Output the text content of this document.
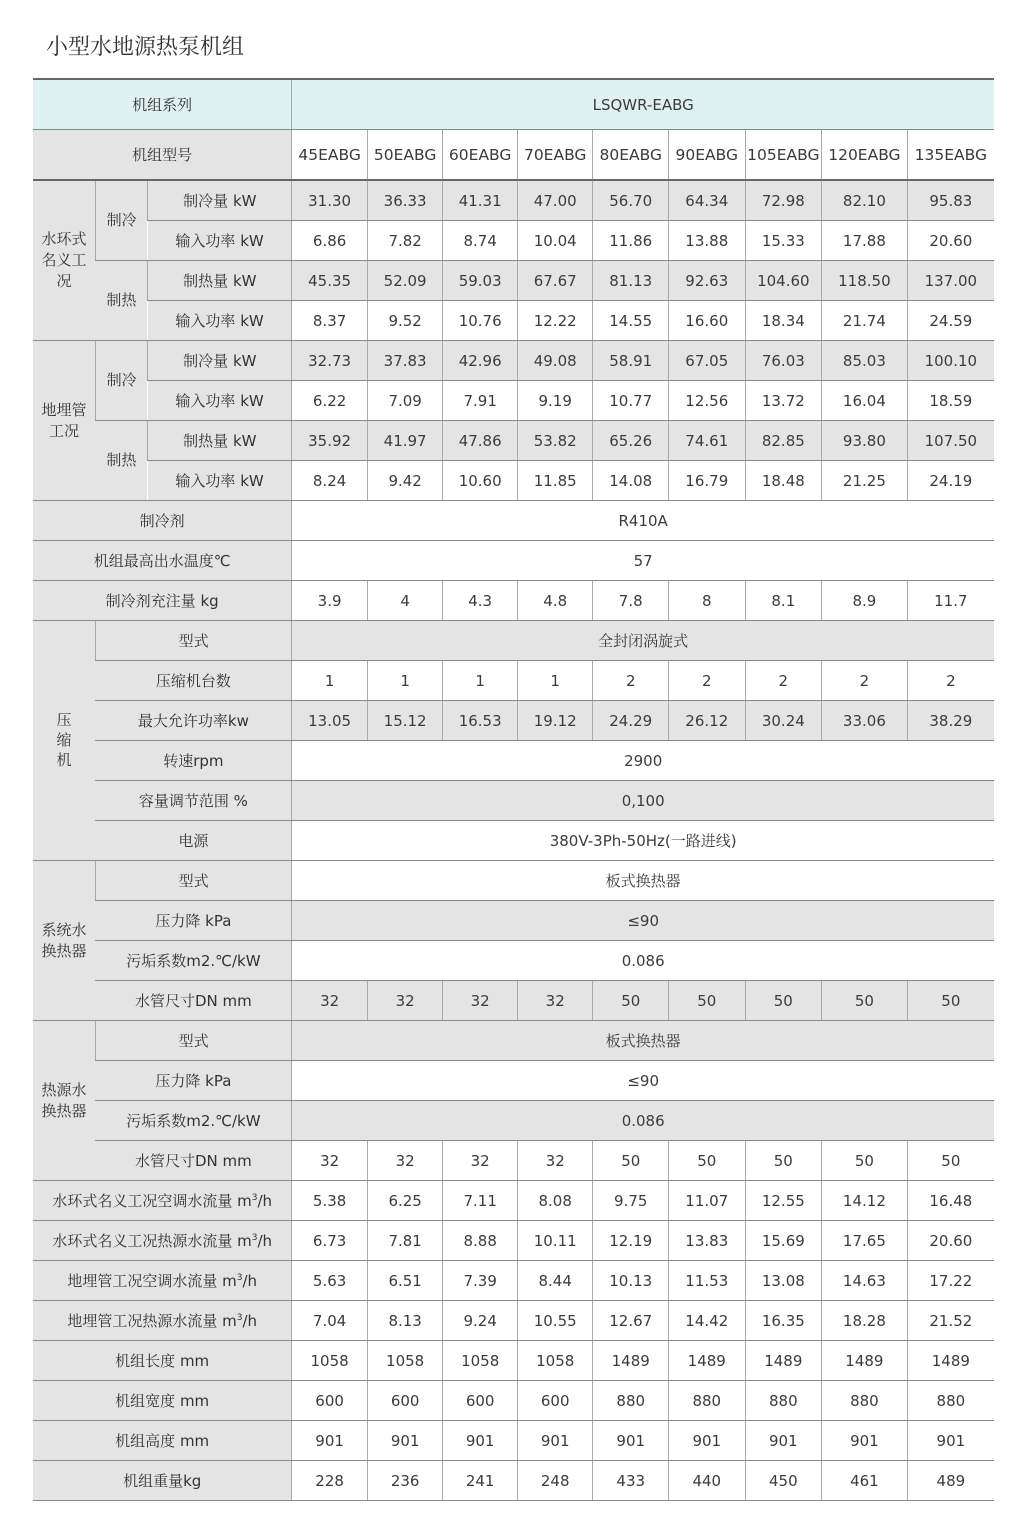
小型水地源热泵机组
机组系列			LSQWR-EABG								
机组型号			45EABG	50EABG	60EABG	70EABG	80EABG	90EABG	105EABG	120EABG	135EABG
水环式名义工况	制冷	制冷量 kW	31.30	36.33	41.31	47.00	56.70	64.34	72.98	82.10	95.83
		输入功率 kW	6.86	7.82	8.74	10.04	11.86	13.88	15.33	17.88	20.60
	制热	制热量 kW	45.35	52.09	59.03	67.67	81.13	92.63	104.60	118.50	137.00
		输入功率 kW	8.37	9.52	10.76	12.22	14.55	16.60	18.34	21.74	24.59
地埋管工况	制冷	制冷量 kW	32.73	37.83	42.96	49.08	58.91	67.05	76.03	85.03	100.10
		输入功率 kW	6.22	7.09	7.91	9.19	10.77	12.56	13.72	16.04	18.59
	制热	制热量 kW	35.92	41.97	47.86	53.82	65.26	74.61	82.85	93.80	107.50
		输入功率 kW	8.24	9.42	10.60	11.85	14.08	16.79	18.48	21.25	24.19
制冷剂			R410A								
机组最高出水温度℃			57								
制冷剂充注量 kg			3.9	4	4.3	4.8	7.8	8	8.1	8.9	11.7
压缩机	型式		全封闭涡旋式								
	压缩机台数		1	1	1	1	2	2	2	2	2
	最大允许功率kw		13.05	15.12	16.53	19.12	24.29	26.12	30.24	33.06	38.29
	转速rpm		2900								
	容量调节范围 %		0,100								
	电源		380V-3Ph-50Hz(一路进线)								
系统水换热器	型式		板式换热器								
	压力降 kPa		≤90								
	污垢系数m2.℃/kW		0.086								
	水管尺寸DN mm		32	32	32	32	50	50	50	50	50
热源水换热器	型式		板式换热器								
	压力降 kPa		≤90								
	污垢系数m2.℃/kW		0.086								
	水管尺寸DN mm		32	32	32	32	50	50	50	50	50
水环式名义工况空调水流量 $m^3/h$			5.38	6.25	7.11	8.08	9.75	11.07	12.55	14.12	16.48
水环式名义工况热源水流量 $m^3/h$			6.73	7.81	8.88	10.11	12.19	13.83	15.69	17.65	20.60
地埋管工况空调水流量 $m^3/h$			5.63	6.51	7.39	8.44	10.13	11.53	13.08	14.63	17.22
地埋管工况热源水流量 $m^3/h$			7.04	8.13	9.24	10.55	12.67	14.42	16.35	18.28	21.52
机组长度 mm			1058	1058	1058	1058	1489	1489	1489	1489	1489
机组宽度 mm			600	600	600	600	880	880	880	880	880
机组高度 mm			901	901	901	901	901	901	901	901	901
机组重量kg			228	236	241	248	433	440	450	461	489
